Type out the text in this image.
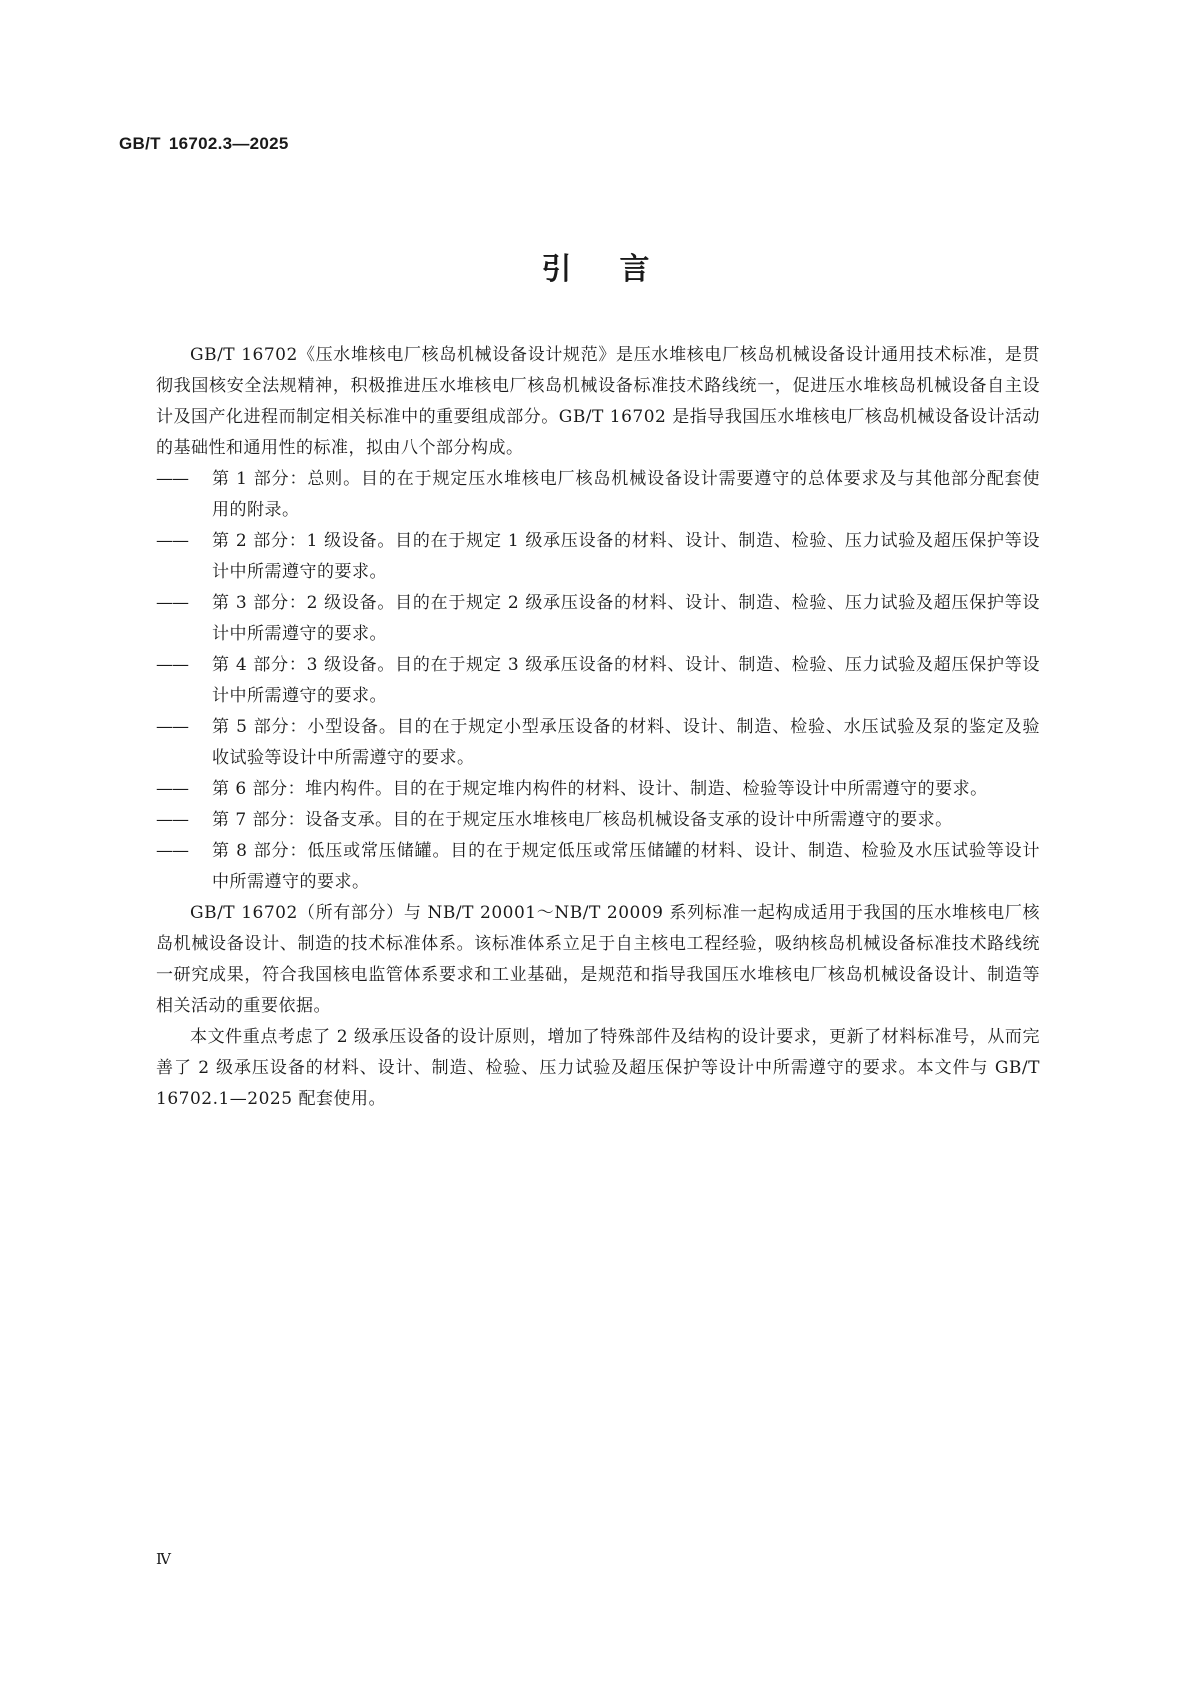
GB/T 16702.3—2025
引言

GB/T 16702《压水堆核电厂核岛机械设备设计规范》是压水堆核电厂核岛机械设备设计通用技术标准，是贯彻我国核安全法规精神，积极推进压水堆核电厂核岛机械设备标准技术路线统一，促进压水堆核岛机械设备自主设计及国产化进程而制定相关标准中的重要组成部分。GB/T 16702 是指导我国压水堆核电厂核岛机械设备设计活动的基础性和通用性的标准，拟由八个部分构成。

——	第 1 部分：总则。目的在于规定压水堆核电厂核岛机械设备设计需要遵守的总体要求及与其他部分配套使用的附录。

——	第 2 部分：1 级设备。目的在于规定 1 级承压设备的材料、设计、制造、检验、压力试验及超压保护等设计中所需遵守的要求。

——	第 3 部分：2 级设备。目的在于规定 2 级承压设备的材料、设计、制造、检验、压力试验及超压保护等设计中所需遵守的要求。

——	第 4 部分：3 级设备。目的在于规定 3 级承压设备的材料、设计、制造、检验、压力试验及超压保护等设计中所需遵守的要求。

——	第 5 部分：小型设备。目的在于规定小型承压设备的材料、设计、制造、检验、水压试验及泵的鉴定及验收试验等设计中所需遵守的要求。

——	第 6 部分：堆内构件。目的在于规定堆内构件的材料、设计、制造、检验等设计中所需遵守的要求。

——	第 7 部分：设备支承。目的在于规定压水堆核电厂核岛机械设备支承的设计中所需遵守的要求。

——	第 8 部分：低压或常压储罐。目的在于规定低压或常压储罐的材料、设计、制造、检验及水压试验等设计中所需遵守的要求。

GB/T 16702（所有部分）与 NB/T 20001～NB/T 20009 系列标准一起构成适用于我国的压水堆核电厂核岛机械设备设计、制造的技术标准体系。该标准体系立足于自主核电工程经验，吸纳核岛机械设备标准技术路线统一研究成果，符合我国核电监管体系要求和工业基础，是规范和指导我国压水堆核电厂核岛机械设备设计、制造等相关活动的重要依据。

本文件重点考虑了 2 级承压设备的设计原则，增加了特殊部件及结构的设计要求，更新了材料标准号，从而完善了 2 级承压设备的材料、设计、制造、检验、压力试验及超压保护等设计中所需遵守的要求。本文件与 GB/T 16702.1—2025 配套使用。

Ⅳ
